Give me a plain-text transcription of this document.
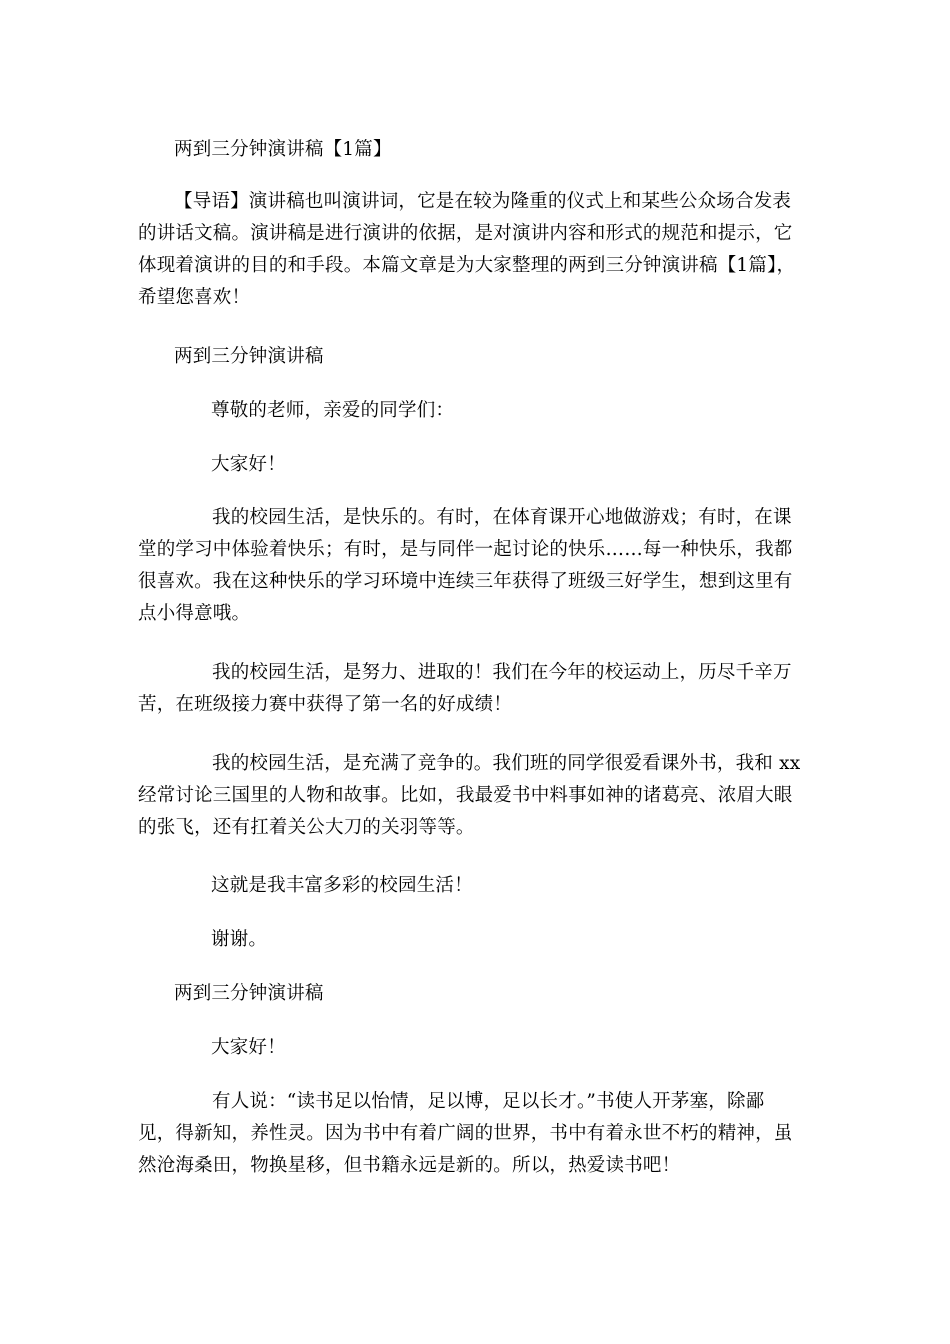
两到三分钟演讲稿【1篇】

【导语】演讲稿也叫演讲词，它是在较为隆重的仪式上和某些公众场合发表
的讲话文稿。演讲稿是进行演讲的依据，是对演讲内容和形式的规范和提示，它
体现着演讲的目的和手段。本篇文章是为大家整理的两到三分钟演讲稿【1篇】，
希望您喜欢！

两到三分钟演讲稿

尊敬的老师，亲爱的同学们：

大家好！

我的校园生活，是快乐的。有时，在体育课开心地做游戏；有时，在课
堂的学习中体验着快乐；有时，是与同伴一起讨论的快乐……每一种快乐，我都
很喜欢。我在这种快乐的学习环境中连续三年获得了班级三好学生，想到这里有
点小得意哦。
我的校园生活，是努力、进取的！我们在今年的校运动上，历尽千辛万
苦，在班级接力赛中获得了第一名的好成绩！
我的校园生活，是充满了竞争的。我们班的同学很爱看课外书，我和 xx
经常讨论三国里的人物和故事。比如，我最爱书中料事如神的诸葛亮、浓眉大眼
的张飞，还有扛着关公大刀的关羽等等。

这就是我丰富多彩的校园生活！

谢谢。

两到三分钟演讲稿

大家好！

有人说：“读书足以怡情，足以博，足以长才。”书使人开茅塞，除鄙
见，得新知，养性灵。因为书中有着广阔的世界，书中有着永世不朽的精神，虽
然沧海桑田，物换星移，但书籍永远是新的。所以，热爱读书吧！
